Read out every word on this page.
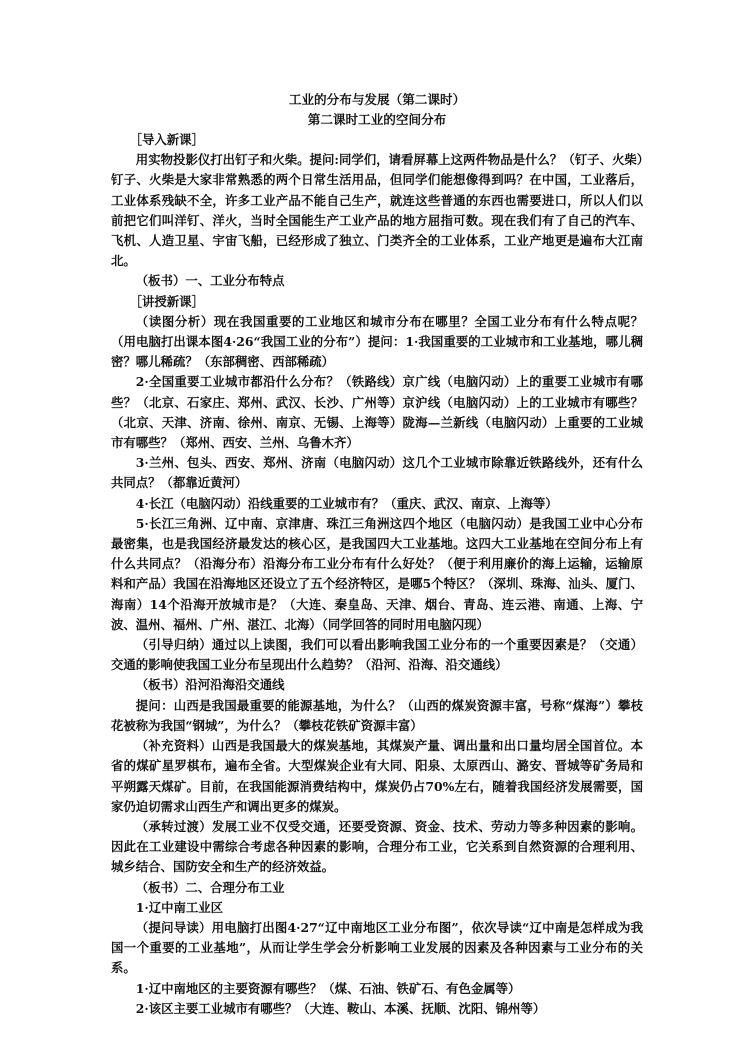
工业的分布与发展（第二课时）

第二课时工业的空间分布

［导入新课］

用实物投影仪打出钉子和火柴。提问:同学们，请看屏幕上这两件物品是什么？（钉子、火柴）钉子、火柴是大家非常熟悉的两个日常生活用品，但同学们能想像得到吗？在中国，工业落后，工业体系残缺不全，许多工业产品不能自己生产，就连这些普通的东西也需要进口，所以人们以前把它们叫洋钉、洋火，当时全国能生产工业产品的地方屈指可数。现在我们有了自己的汽车、飞机、人造卫星、宇宙飞船，已经形成了独立、门类齐全的工业体系，工业产地更是遍布大江南北。

（板书）一、工业分布特点

［讲授新课］

（读图分析）现在我国重要的工业地区和城市分布在哪里？全国工业分布有什么特点呢？（用电脑打出课本图4·26“我国工业的分布”）提问：1·我国重要的工业城市和工业基地，哪儿稠密？哪儿稀疏？（东部稠密、西部稀疏）

2·全国重要工业城市都沿什么分布？（铁路线）京广线（电脑闪动）上的重要工业城市有哪些？（北京、石家庄、郑州、武汉、长沙、广州等）京沪线（电脑闪动）上的工业城市有哪些？（北京、天津、济南、徐州、南京、无锡、上海等）陇海—兰新线（电脑闪动）上重要的工业城市有哪些？（郑州、西安、兰州、乌鲁木齐）

3·兰州、包头、西安、郑州、济南（电脑闪动）这几个工业城市除靠近铁路线外，还有什么共同点？（都靠近黄河）

4·长江（电脑闪动）沿线重要的工业城市有？（重庆、武汉、南京、上海等）

5·长江三角洲、辽中南、京津唐、珠江三角洲这四个地区（电脑闪动）是我国工业中心分布最密集，也是我国经济最发达的核心区，是我国四大工业基地。这四大工业基地在空间分布上有什么共同点？（沿海分布）沿海分布工业分布有什么好处？（便于利用廉价的海上运输，运输原料和产品）我国在沿海地区还设立了五个经济特区，是哪5个特区？（深圳、珠海、汕头、厦门、海南）14个沿海开放城市是？（大连、秦皇岛、天津、烟台、青岛、连云港、南通、上海、宁波、温州、福州、广州、湛江、北海）（同学回答的同时用电脑闪现）

（引导归纳）通过以上读图，我们可以看出影响我国工业分布的一个重要因素是？（交通）交通的影响使我国工业分布呈现出什么趋势？（沿河、沿海、沿交通线）

（板书）沿河沿海沿交通线

提问：山西是我国最重要的能源基地，为什么？（山西的煤炭资源丰富，号称“煤海”）攀枝花被称为我国“钢城”，为什么？（攀枝花铁矿资源丰富）

（补充资料）山西是我国最大的煤炭基地，其煤炭产量、调出量和出口量均居全国首位。本省的煤矿星罗棋布，遍布全省。大型煤炭企业有大同、阳泉、太原西山、潞安、晋城等矿务局和平朔露天煤矿。目前，在我国能源消费结构中，煤炭仍占70%左右，随着我国经济发展需要，国家仍迫切需求山西生产和调出更多的煤炭。

（承转过渡）发展工业不仅受交通，还要受资源、资金、技术、劳动力等多种因素的影响。因此在工业建设中需综合考虑各种因素的影响，合理分布工业，它关系到自然资源的合理利用、城乡结合、国防安全和生产的经济效益。

（板书）二、合理分布工业

1·辽中南工业区

（提问导读）用电脑打出图4·27“辽中南地区工业分布图”，依次导读“辽中南是怎样成为我国一个重要的工业基地”，从而让学生学会分析影响工业发展的因素及各种因素与工业分布的关系。

1·辽中南地区的主要资源有哪些？（煤、石油、铁矿石、有色金属等）

2·该区主要工业城市有哪些？（大连、鞍山、本溪、抚顺、沈阳、锦州等）
